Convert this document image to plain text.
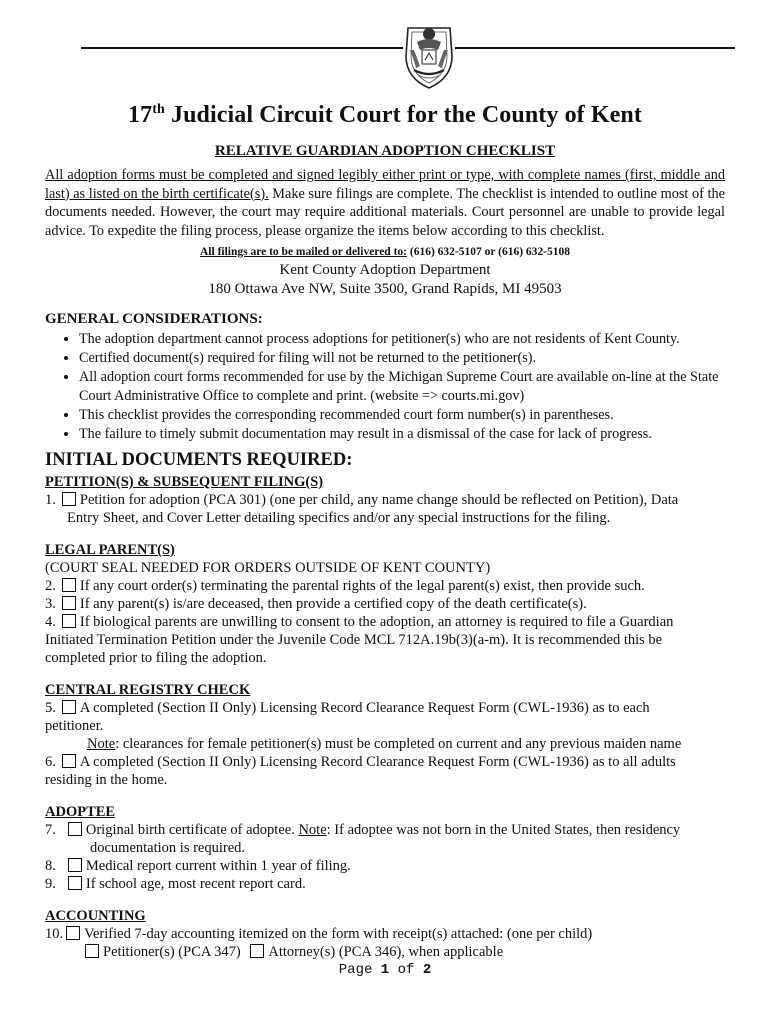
17th Judicial Circuit Court for the County of Kent
RELATIVE GUARDIAN ADOPTION CHECKLIST
All adoption forms must be completed and signed legibly either print or type, with complete names (first, middle and last) as listed on the birth certificate(s). Make sure filings are complete. The checklist is intended to outline most of the documents needed. However, the court may require additional materials. Court personnel are unable to provide legal advice. To expedite the filing process, please organize the items below according to this checklist.
All filings are to be mailed or delivered to: (616) 632-5107 or (616) 632-5108
Kent County Adoption Department
180 Ottawa Ave NW, Suite 3500, Grand Rapids, MI 49503
GENERAL CONSIDERATIONS:
• The adoption department cannot process adoptions for petitioner(s) who are not residents of Kent County.
• Certified document(s) required for filing will not be returned to the petitioner(s).
• All adoption court forms recommended for use by the Michigan Supreme Court are available on-line at the State Court Administrative Office to complete and print. (website => courts.mi.gov)
• This checklist provides the corresponding recommended court form number(s) in parentheses.
• The failure to timely submit documentation may result in a dismissal of the case for lack of progress.
INITIAL DOCUMENTS REQUIRED:
PETITION(S) & SUBSEQUENT FILING(S)
1. Petition for adoption (PCA 301) (one per child, any name change should be reflected on Petition), Data
Entry Sheet, and Cover Letter detailing specifics and/or any special instructions for the filing.
LEGAL PARENT(S)
(COURT SEAL NEEDED FOR ORDERS OUTSIDE OF KENT COUNTY)
2. If any court order(s) terminating the parental rights of the legal parent(s) exist, then provide such.
3. If any parent(s) is/are deceased, then provide a certified copy of the death certificate(s).
4. If biological parents are unwilling to consent to the adoption, an attorney is required to file a Guardian
Initiated Termination Petition under the Juvenile Code MCL 712A.19b(3)(a-m). It is recommended this be completed prior to filing the adoption.
CENTRAL REGISTRY CHECK
5. A completed (Section II Only) Licensing Record Clearance Request Form (CWL-1936) as to each
petitioner.
Note: clearances for female petitioner(s) must be completed on current and any previous maiden name
6. A completed (Section II Only) Licensing Record Clearance Request Form (CWL-1936) as to all adults
residing in the home.
ADOPTEE
7. Original birth certificate of adoptee. Note: If adoptee was not born in the United States, then residency
documentation is required.
8. Medical report current within 1 year of filing.
9. If school age, most recent report card.
ACCOUNTING
10. Verified 7-day accounting itemized on the form with receipt(s) attached: (one per child)
Petitioner(s) (PCA 347) Attorney(s) (PCA 346), when applicable
Page 1 of 2
